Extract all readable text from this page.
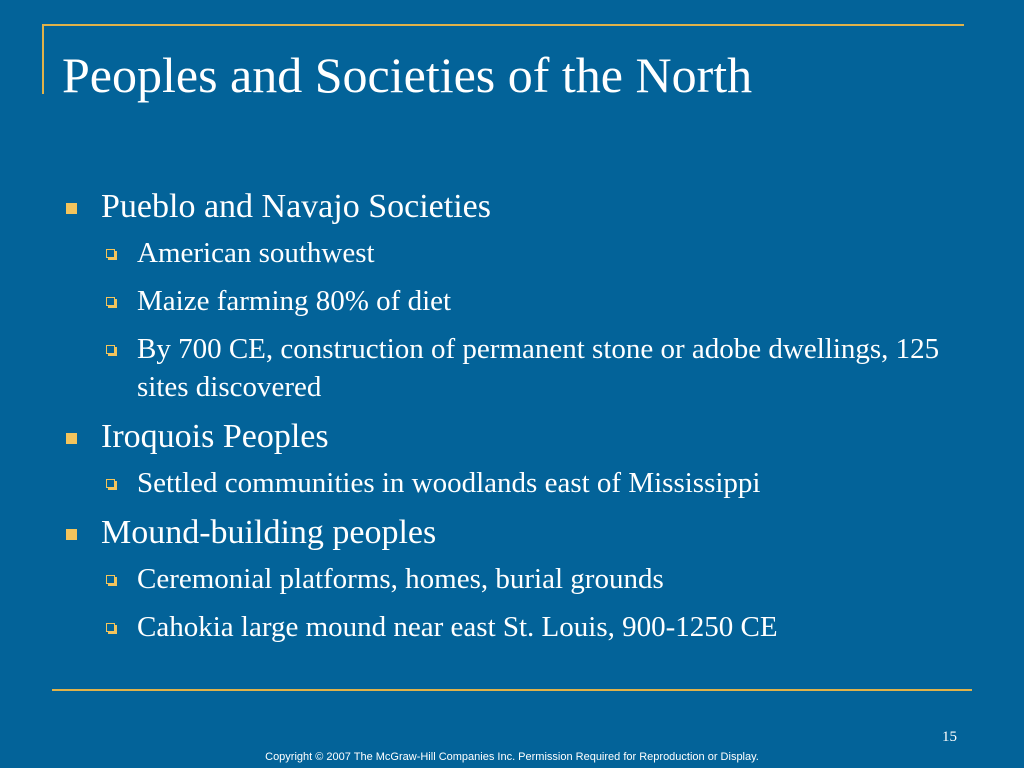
Peoples and Societies of the North
Pueblo and Navajo Societies
American southwest
Maize farming 80% of diet
By 700 CE, construction of permanent stone or adobe dwellings, 125 sites discovered
Iroquois Peoples
Settled communities in woodlands east of Mississippi
Mound-building peoples
Ceremonial platforms, homes, burial grounds
Cahokia large mound near east St. Louis, 900-1250 CE
15
Copyright © 2007 The McGraw-Hill Companies Inc. Permission Required for Reproduction or Display.
